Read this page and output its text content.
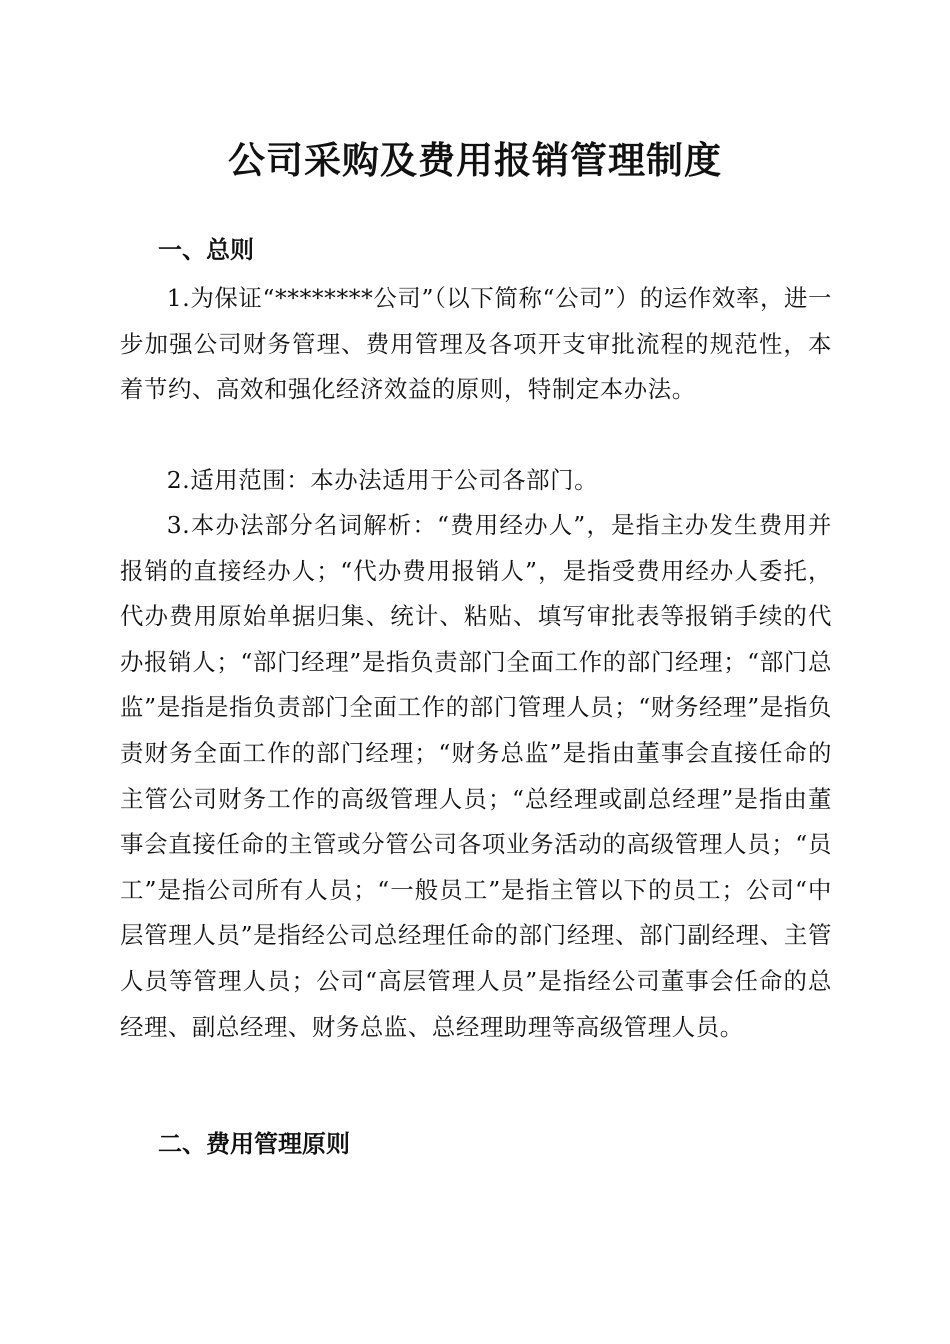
公司采购及费用报销管理制度
一、总则

1.为保证“********公司”（以下简称“公司”）的运作效率，进一步加强公司财务管理、费用管理及各项开支审批流程的规范性，本着节约、高效和强化经济效益的原则，特制定本办法。

2.适用范围：本办法适用于公司各部门。

3.本办法部分名词解析：“费用经办人”，是指主办发生费用并报销的直接经办人；“代办费用报销人”，是指受费用经办人委托，代办费用原始单据归集、统计、粘贴、填写审批表等报销手续的代办报销人；“部门经理”是指负责部门全面工作的部门经理；“部门总监”是指是指负责部门全面工作的部门管理人员；“财务经理”是指负责财务全面工作的部门经理；“财务总监”是指由董事会直接任命的主管公司财务工作的高级管理人员；“总经理或副总经理”是指由董事会直接任命的主管或分管公司各项业务活动的高级管理人员；“员工”是指公司所有人员；“一般员工”是指主管以下的员工；公司“中层管理人员”是指经公司总经理任命的部门经理、部门副经理、主管人员等管理人员；公司“高层管理人员”是指经公司董事会任命的总经理、副总经理、财务总监、总经理助理等高级管理人员。

二、费用管理原则
